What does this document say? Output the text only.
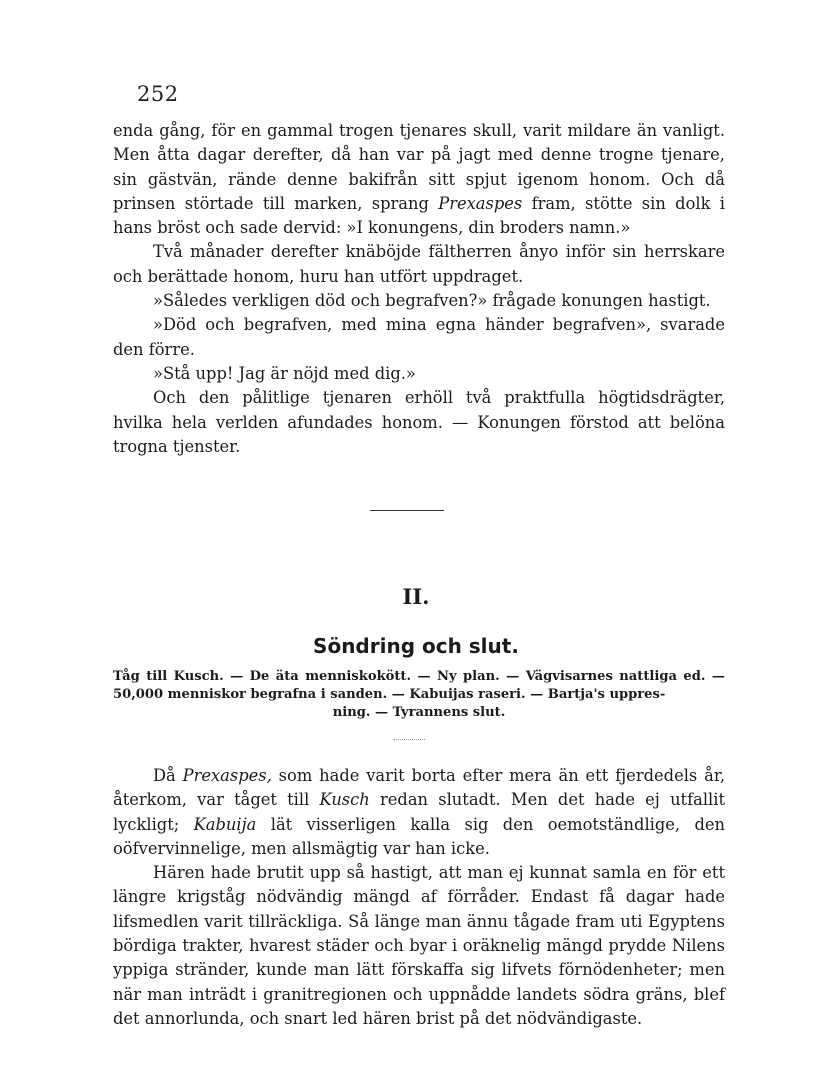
252

enda gång, för en gammal trogen tjenares skull, varit mildare än vanligt. Men åtta dagar derefter, då han var på jagt med denne trogne tjenare, sin gästvän, rände denne bakifrån sitt spjut igenom honom. Och då prinsen störtade till marken, sprang Prexaspes fram, stötte sin dolk i hans bröst och sade dervid: »I konungens, din broders namn.»

Två månader derefter knäböjde fältherren ånyo inför sin herrskare och berättade honom, huru han utfört uppdraget.

»Således verkligen död och begrafven?» frågade konungen hastigt.

»Död och begrafven, med mina egna händer begrafven», svarade den förre.

»Stå upp! Jag är nöjd med dig.»

Och den pålitlige tjenaren erhöll två praktfulla högtidsdrägter, hvilka hela verlden afundades honom. — Konungen förstod att belöna trogna tjenster.

II.
Söndring och slut.
Tåg till Kusch. — De äta menniskokött. — Ny plan. — Vägvisarnes nattliga ed. — 50,000 menniskor begrafna i sanden. — Kabuijas raseri. — Bartja's uppres-
ning. — Tyrannens slut.

Då Prexaspes, som hade varit borta efter mera än ett fjerdedels år, återkom, var tåget till Kusch redan slutadt. Men det hade ej utfallit lyckligt; Kabuija lät visserligen kalla sig den oemotständlige, den oöfvervinnelige, men allsmägtig var han icke.

Hären hade brutit upp så hastigt, att man ej kunnat samla en för ett längre krigståg nödvändig mängd af förråder. Endast få dagar hade lifsmedlen varit tillräckliga. Så länge man ännu tågade fram uti Egyptens bördiga trakter, hvarest städer och byar i oräknelig mängd prydde Nilens yppiga stränder, kunde man lätt förskaffa sig lifvets förnödenheter; men när man inträdt i granitregionen och uppnådde landets södra gräns, blef det annorlunda, och snart led hären brist på det nödvändigaste.
